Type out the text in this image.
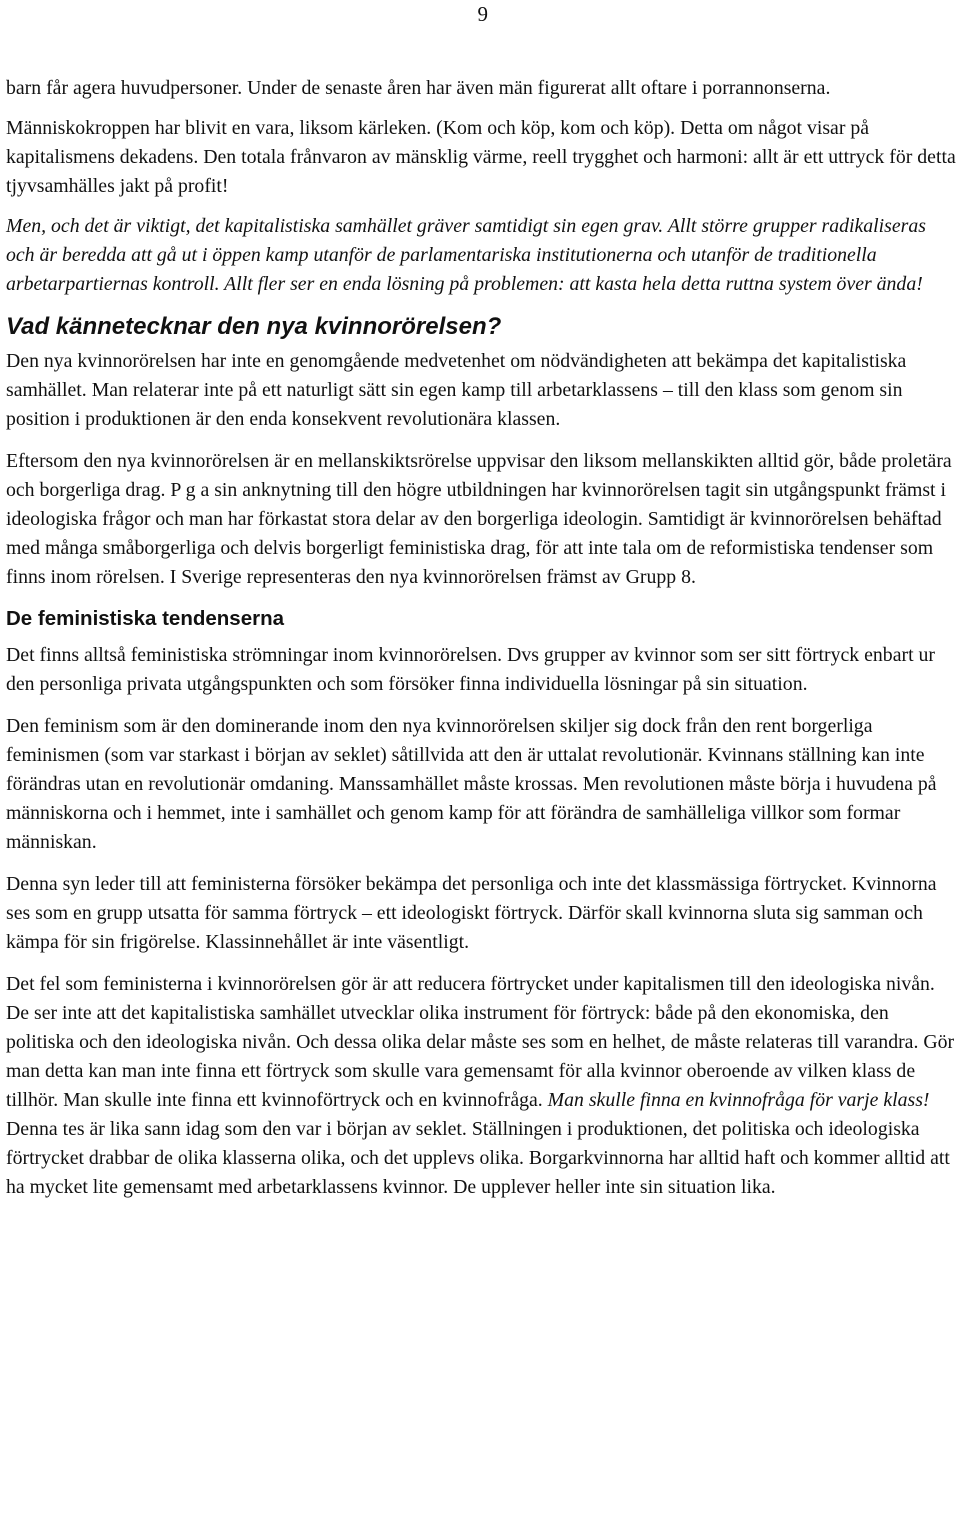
9

barn får agera huvudpersoner. Under de senaste åren har även män figurerat allt oftare i porrannonserna.

Människokroppen har blivit en vara, liksom kärleken. (Kom och köp, kom och köp). Detta om något visar på kapitalismens dekadens. Den totala frånvaron av mänsklig värme, reell trygghet och harmoni: allt är ett uttryck för detta tjyvsamhälles jakt på profit!

Men, och det är viktigt, det kapitalistiska samhället gräver samtidigt sin egen grav. Allt större grupper radikaliseras och är beredda att gå ut i öppen kamp utanför de parlamentariska institutionerna och utanför de traditionella arbetarpartiernas kontroll. Allt fler ser en enda lösning på problemen: att kasta hela detta ruttna system över ända!

Vad kännetecknar den nya kvinnorörelsen?

Den nya kvinnorörelsen har inte en genomgående medvetenhet om nödvändigheten att bekämpa det kapitalistiska samhället. Man relaterar inte på ett naturligt sätt sin egen kamp till arbetarklassens – till den klass som genom sin position i produktionen är den enda konsekvent revolutionära klassen.

Eftersom den nya kvinnorörelsen är en mellanskiktsrörelse uppvisar den liksom mellanskikten alltid gör, både proletära och borgerliga drag. P g a sin anknytning till den högre utbildningen har kvinnorörelsen tagit sin utgångspunkt främst i ideologiska frågor och man har förkastat stora delar av den borgerliga ideologin. Samtidigt är kvinnorörelsen behäftad med många småborgerliga och delvis borgerligt feministiska drag, för att inte tala om de reformistiska tendenser som finns inom rörelsen. I Sverige representeras den nya kvinnorörelsen främst av Grupp 8.

De feministiska tendenserna

Det finns alltså feministiska strömningar inom kvinnorörelsen. Dvs grupper av kvinnor som ser sitt förtryck enbart ur den personliga privata utgångspunkten och som försöker finna individuella lösningar på sin situation.

Den feminism som är den dominerande inom den nya kvinnorörelsen skiljer sig dock från den rent borgerliga feminismen (som var starkast i början av seklet) såtillvida att den är uttalat revolutionär. Kvinnans ställning kan inte förändras utan en revolutionär omdaning. Manssamhället måste krossas. Men revolutionen måste börja i huvudena på människorna och i hemmet, inte i samhället och genom kamp för att förändra de samhälleliga villkor som formar människan.

Denna syn leder till att feministerna försöker bekämpa det personliga och inte det klassmässiga förtrycket. Kvinnorna ses som en grupp utsatta för samma förtryck – ett ideologiskt förtryck. Därför skall kvinnorna sluta sig samman och kämpa för sin frigörelse. Klassinnehållet är inte väsentligt.

Det fel som feministerna i kvinnorörelsen gör är att reducera förtrycket under kapitalismen till den ideologiska nivån. De ser inte att det kapitalistiska samhället utvecklar olika instrument för förtryck: både på den ekonomiska, den politiska och den ideologiska nivån. Och dessa olika delar måste ses som en helhet, de måste relateras till varandra. Gör man detta kan man inte finna ett förtryck som skulle vara gemensamt för alla kvinnor oberoende av vilken klass de tillhör. Man skulle inte finna ett kvinnoförtryck och en kvinnofråga. Man skulle finna en kvinnofråga för varje klass! Denna tes är lika sann idag som den var i början av seklet. Ställningen i produktionen, det politiska och ideologiska förtrycket drabbar de olika klasserna olika, och det upplevs olika. Borgarkvinnorna har alltid haft och kommer alltid att ha mycket lite gemensamt med arbetarklassens kvinnor. De upplever heller inte sin situation lika.
